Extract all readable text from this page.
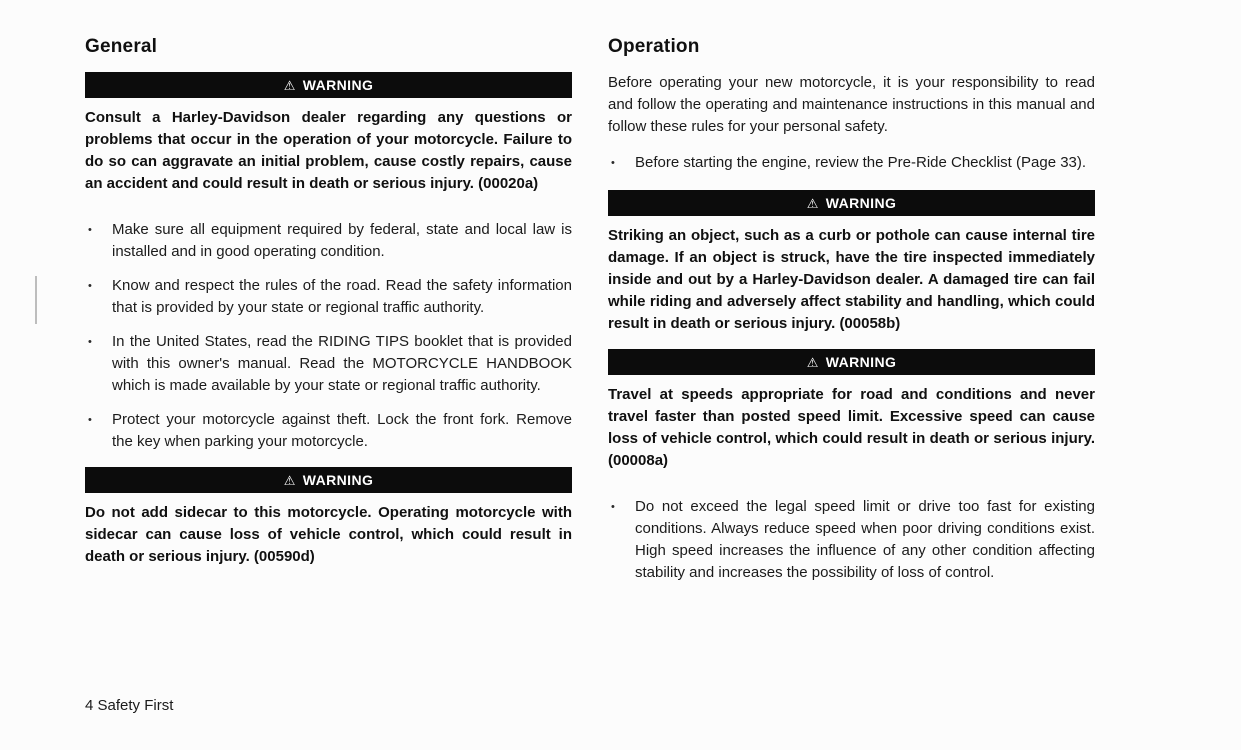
General
⚠ WARNING

Consult a Harley-Davidson dealer regarding any questions or problems that occur in the operation of your motorcycle. Failure to do so can aggravate an initial problem, cause costly repairs, cause an accident and could result in death or serious injury. (00020a)

•	Make sure all equipment required by federal, state and local law is installed and in good operating condition.
•	Know and respect the rules of the road. Read the safety information that is provided by your state or regional traffic authority.
•	In the United States, read the RIDING TIPS booklet that is provided with this owner's manual. Read the MOTORCYCLE HANDBOOK which is made available by your state or regional traffic authority.
•	Protect your motorcycle against theft. Lock the front fork. Remove the key when parking your motorcycle.
⚠ WARNING

Do not add sidecar to this motorcycle. Operating motorcycle with sidecar can cause loss of vehicle control, which could result in death or serious injury. (00590d)

Operation

Before operating your new motorcycle, it is your responsibility to read and follow the operating and maintenance instructions in this manual and follow these rules for your personal safety.

•	Before starting the engine, review the Pre-Ride Checklist (Page 33).
⚠ WARNING

Striking an object, such as a curb or pothole can cause internal tire damage. If an object is struck, have the tire inspected immediately inside and out by a Harley-Davidson dealer. A damaged tire can fail while riding and adversely affect stability and handling, which could result in death or serious injury. (00058b)

⚠ WARNING

Travel at speeds appropriate for road and conditions and never travel faster than posted speed limit. Excessive speed can cause loss of vehicle control, which could result in death or serious injury. (00008a)

•	Do not exceed the legal speed limit or drive too fast for existing conditions. Always reduce speed when poor driving conditions exist. High speed increases the influence of any other condition affecting stability and increases the possibility of loss of control.
4 Safety First
